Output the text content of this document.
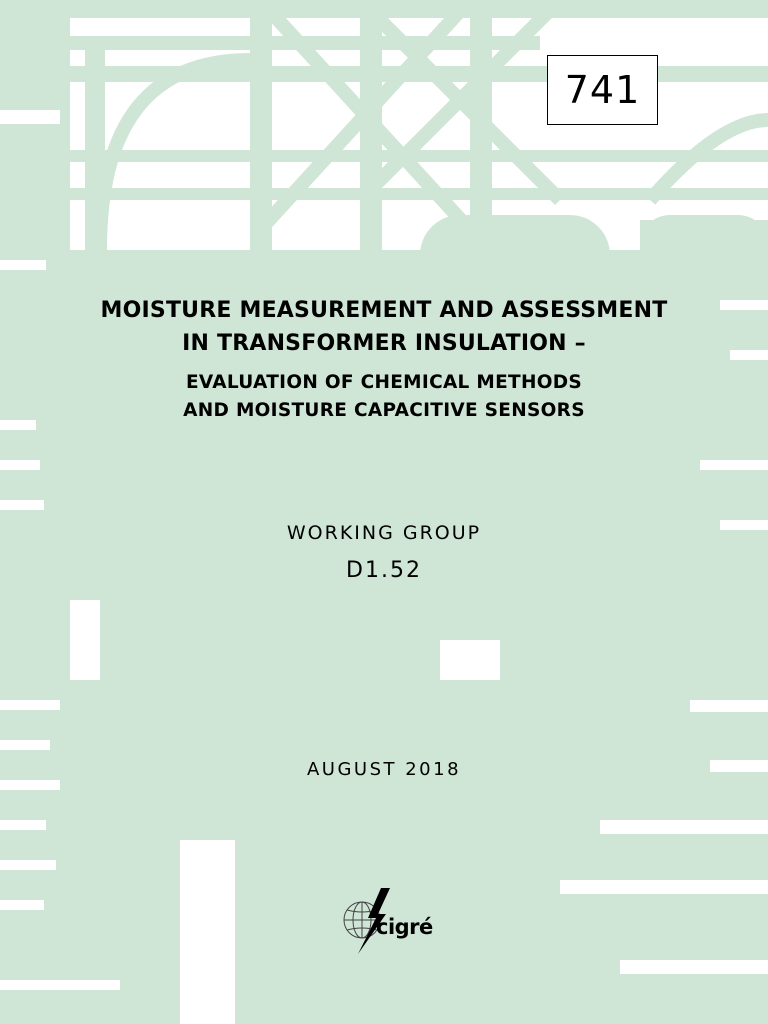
741
MOISTURE MEASUREMENT AND ASSESSMENT
IN TRANSFORMER INSULATION –
EVALUATION OF CHEMICAL METHODS
AND MOISTURE CAPACITIVE SENSORS
WORKING GROUP
D1.52
AUGUST 2018
cigré
